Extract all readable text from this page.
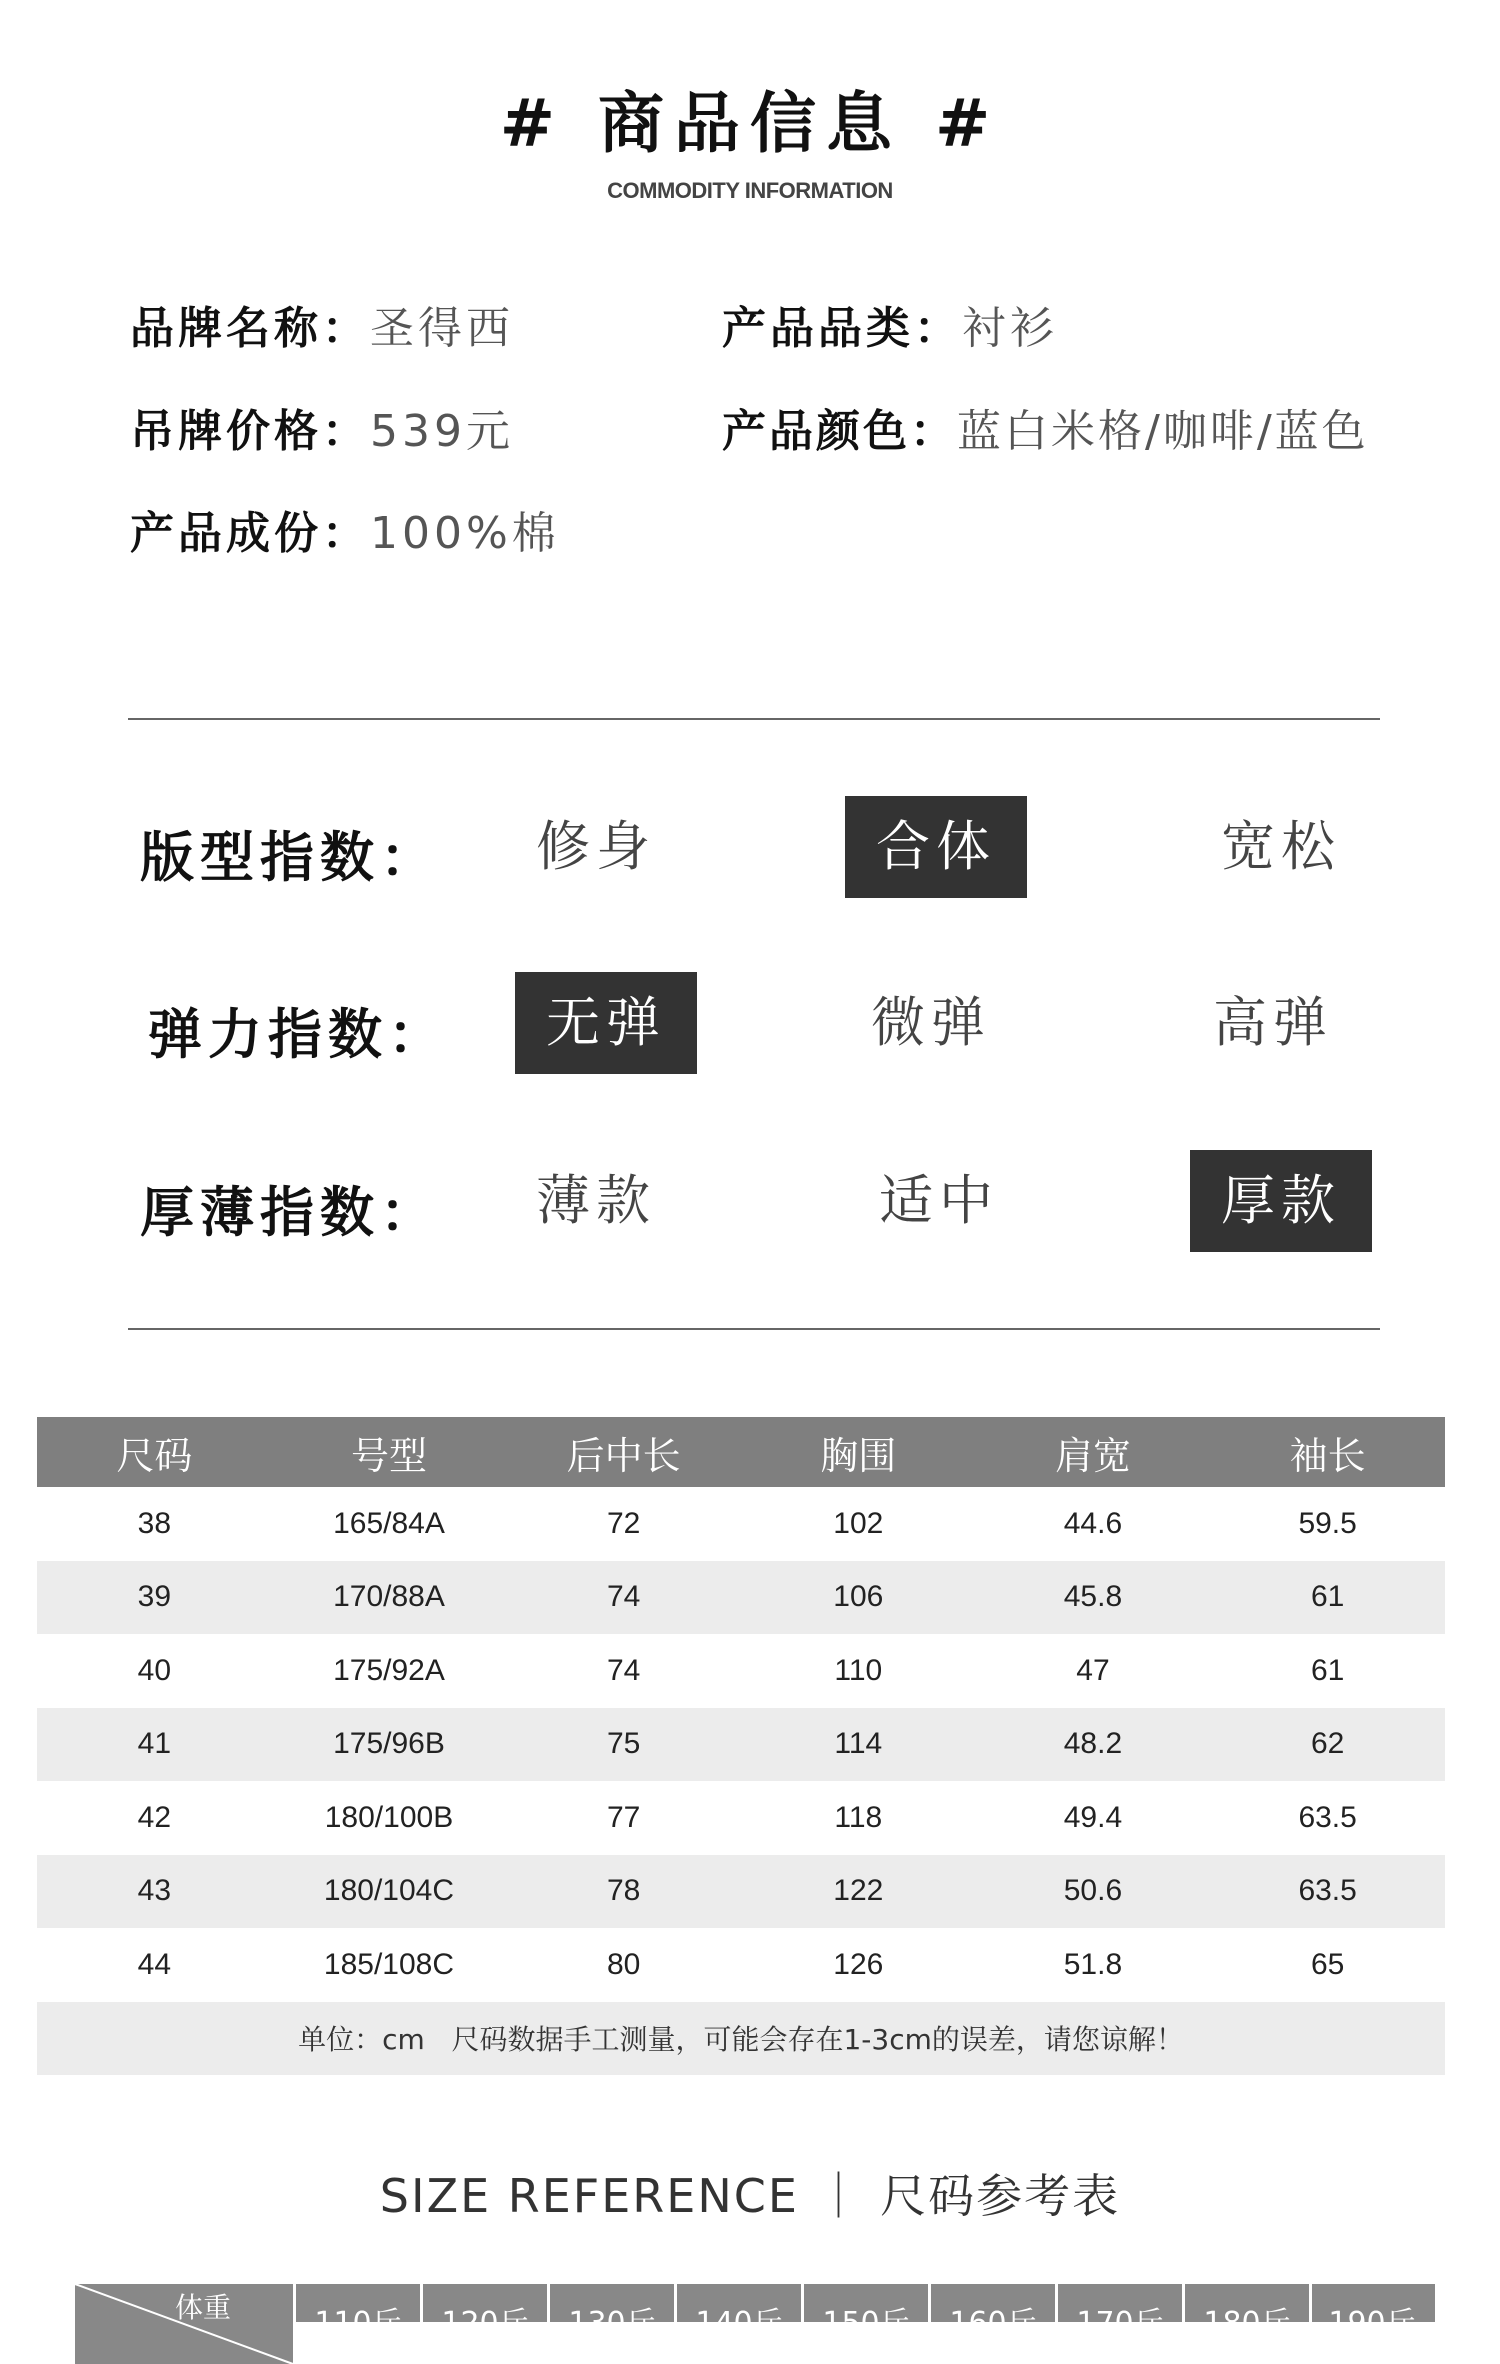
# 商品信息 #
COMMODITY INFORMATION
品牌名称：圣得西	产品品类：衬衫
吊牌价格：539元	产品颜色：蓝白米格/咖啡/蓝色
产品成份：100%棉
版型指数：	修身	合体	宽松
弹力指数：	无弹	微弹	高弹
厚薄指数：	薄款	适中	厚款
尺码	号型	后中长	胸围	肩宽	袖长
38	165/84A	72	102	44.6	59.5
39	170/88A	74	106	45.8	61
40	175/92A	74	110	47	61
41	175/96B	75	114	48.2	62
42	180/100B	77	118	49.4	63.5
43	180/104C	78	122	50.6	63.5
44	185/108C	80	126	51.8	65
单位：cm   尺码数据手工测量，可能会存在1-3cm的误差，请您谅解！					
SIZE REFERENCE ｜ 尺码参考表
体重	110斤	120斤	130斤	140斤	150斤	160斤	170斤	180斤	190斤
